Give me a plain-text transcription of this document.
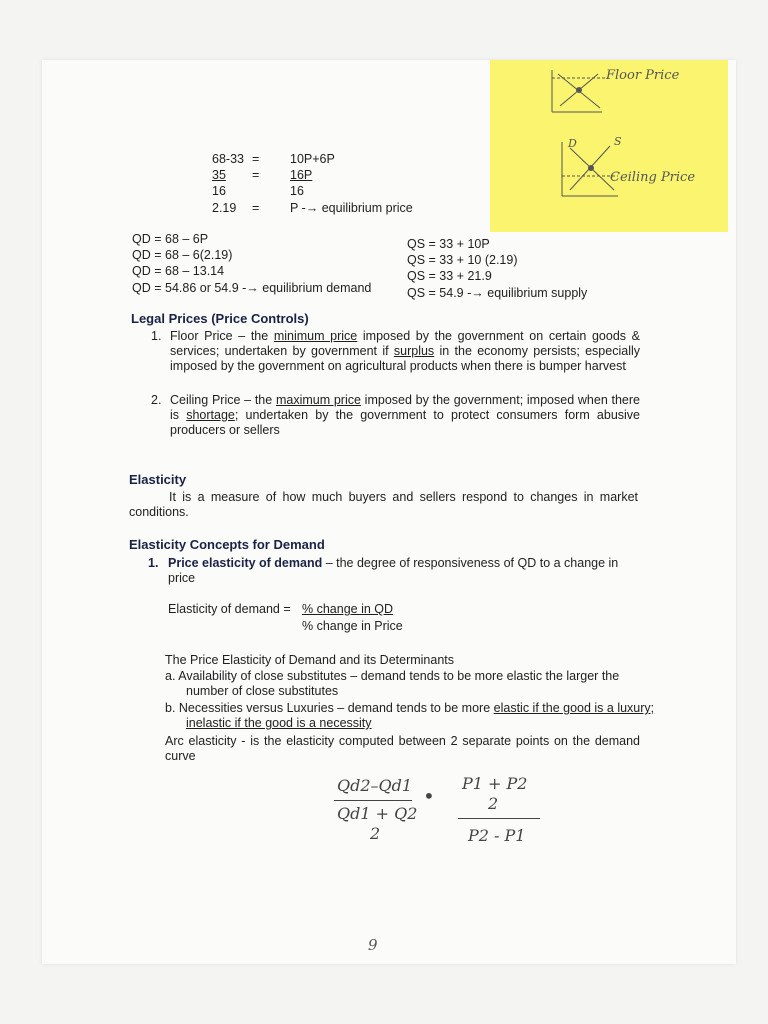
Floor Price
D	S
Ceiling Price
68-33 = 10P+6P
35 = 16P
16	16
2.19 = P -→ equilibrium price
QD = 68 – 6P
QD = 68 – 6(2.19)
QD = 68 – 13.14
QD = 54.86 or 54.9 -→ equilibrium demand
QS = 33 + 10P
QS = 33 + 10 (2.19)
QS = 33 + 21.9
QS = 54.9 -→ equilibrium supply
Legal Prices (Price Controls)
1. Floor Price – the minimum price imposed by the government on certain goods & services; undertaken by government if surplus in the economy persists; especially imposed by the government on agricultural products when there is bumper harvest
2. Ceiling Price – the maximum price imposed by the government; imposed when there is shortage; undertaken by the government to protect consumers form abusive producers or sellers
Elasticity
It is a measure of how much buyers and sellers respond to changes in market conditions.
Elasticity Concepts for Demand
1. Price elasticity of demand – the degree of responsiveness of QD to a change in price
Elasticity of demand = % change in QD
% change in Price
The Price Elasticity of Demand and its Determinants
a. Availability of close substitutes – demand tends to be more elastic the larger the number of close substitutes
b. Necessities versus Luxuries – demand tends to be more elastic if the good is a luxury; inelastic if the good is a necessity
Arc elasticity - is the elasticity computed between 2 separate points on the demand curve
Qd2–Qd1
Qd1 + Q2
2
•
P1 + P2
2
P2 - P1
9
